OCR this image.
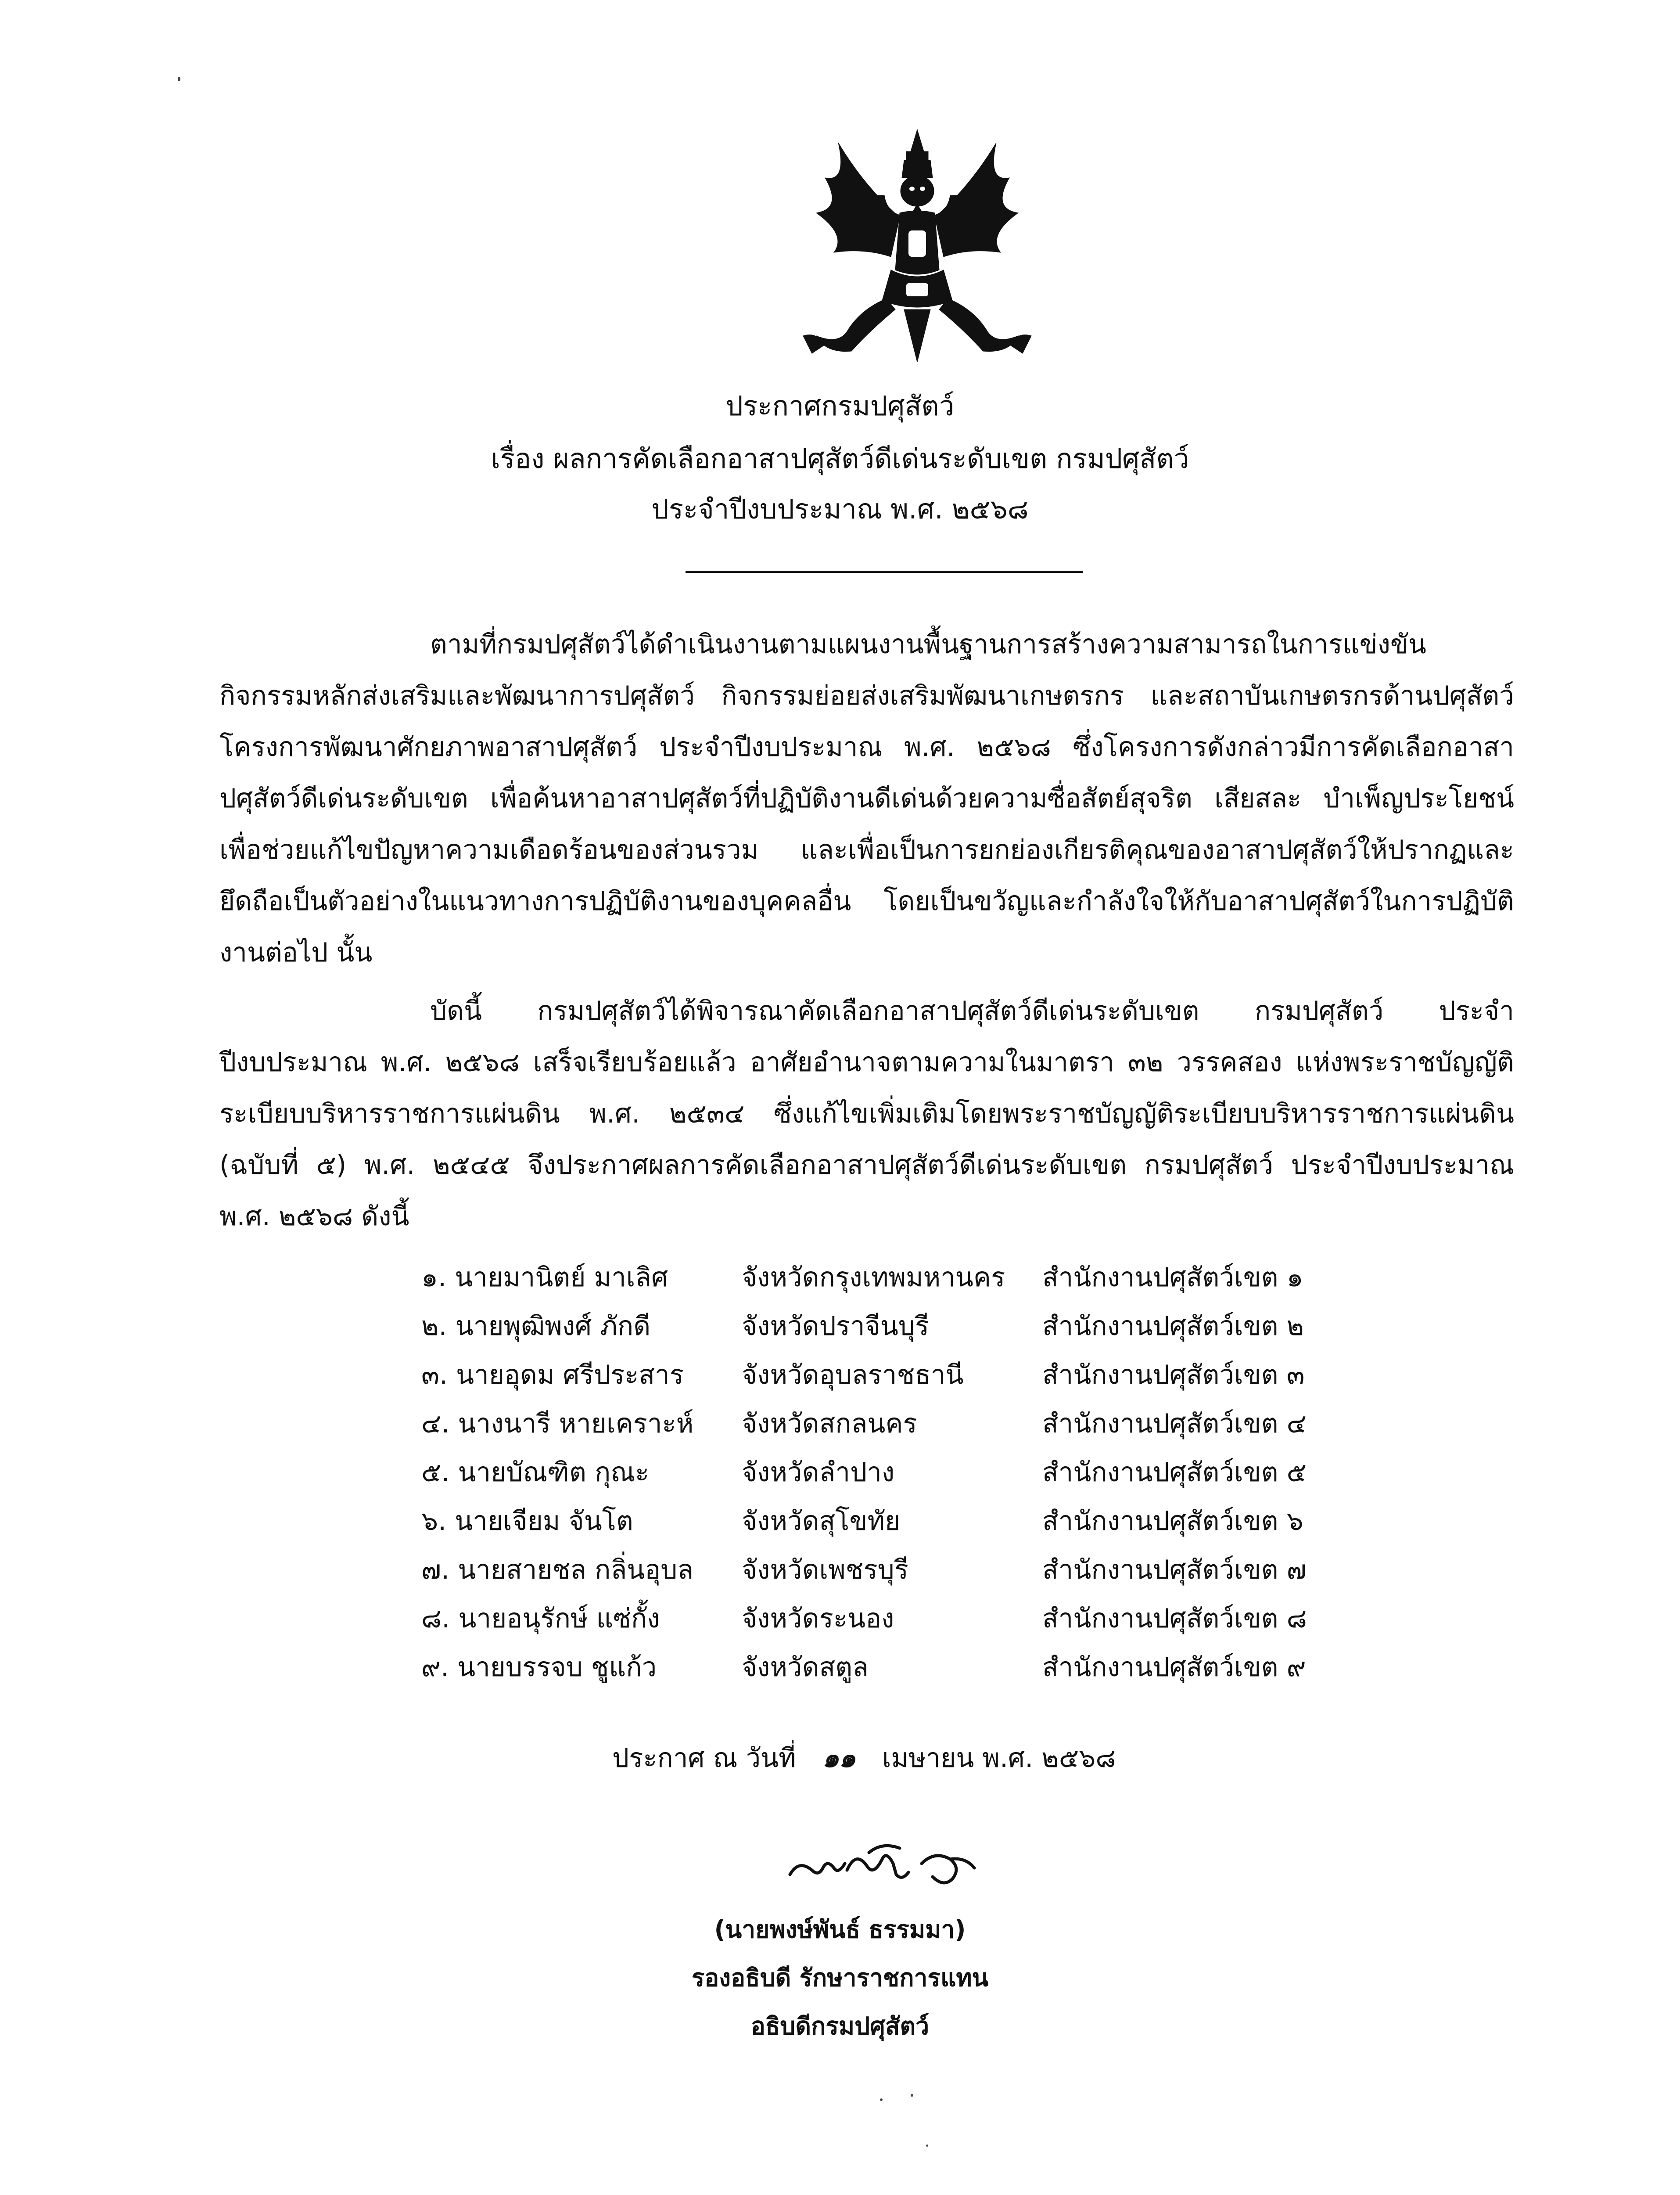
ประกาศกรมปศุสัตว์
เรื่อง ผลการคัดเลือกอาสาปศุสัตว์ดีเด่นระดับเขต กรมปศุสัตว์
ประจำปีงบประมาณ พ.ศ. ๒๕๖๘
ตามที่กรมปศุสัตว์ได้ดำเนินงานตามแผนงานพื้นฐานการสร้างความสามารถในการแข่งขัน กิจกรรมหลักส่งเสริมและพัฒนาการปศุสัตว์ กิจกรรมย่อยส่งเสริมพัฒนาเกษตรกร และสถาบันเกษตรกรด้านปศุสัตว์ โครงการพัฒนาศักยภาพอาสาปศุสัตว์ ประจำปีงบประมาณ พ.ศ. ๒๕๖๘ ซึ่งโครงการดังกล่าวมีการคัดเลือกอาสาปศุสัตว์ดีเด่นระดับเขต เพื่อค้นหาอาสาปศุสัตว์ที่ปฏิบัติงานดีเด่นด้วยความซื่อสัตย์สุจริต เสียสละ บำเพ็ญประโยชน์ เพื่อช่วยแก้ไขปัญหาความเดือดร้อนของส่วนรวม และเพื่อเป็นการยกย่องเกียรติคุณของอาสาปศุสัตว์ให้ปรากฏและยึดถือเป็นตัวอย่างในแนวทางการปฏิบัติงานของบุคคลอื่น โดยเป็นขวัญและกำลังใจให้กับอาสาปศุสัตว์ในการปฏิบัติงานต่อไป นั้น
บัดนี้ กรมปศุสัตว์ได้พิจารณาคัดเลือกอาสาปศุสัตว์ดีเด่นระดับเขต กรมปศุสัตว์ ประจำปีงบประมาณ พ.ศ. ๒๕๖๘ เสร็จเรียบร้อยแล้ว อาศัยอำนาจตามความในมาตรา ๓๒ วรรคสอง แห่งพระราชบัญญัติระเบียบบริหารราชการแผ่นดิน พ.ศ. ๒๕๓๔ ซึ่งแก้ไขเพิ่มเติมโดยพระราชบัญญัติระเบียบบริหารราชการแผ่นดิน (ฉบับที่ ๕) พ.ศ. ๒๕๔๕ จึงประกาศผลการคัดเลือกอาสาปศุสัตว์ดีเด่นระดับเขต กรมปศุสัตว์ ประจำปีงบประมาณ พ.ศ. ๒๕๖๘ ดังนี้
๑. นายมานิตย์ มาเลิศ	จังหวัดกรุงเทพมหานคร สำนักงานปศุสัตว์เขต ๑
๒. นายพุฒิพงศ์ ภักดี	จังหวัดปราจีนบุรี	สำนักงานปศุสัตว์เขต ๒
๓. นายอุดม ศรีประสาร จังหวัดอุบลราชธานี	สำนักงานปศุสัตว์เขต ๓
๔. นางนารี หายเคราะห์ จังหวัดสกลนคร	สำนักงานปศุสัตว์เขต ๔
๕. นายบัณฑิต กุณะ	จังหวัดลำปาง	สำนักงานปศุสัตว์เขต ๕
๖. นายเจียม จันโต	จังหวัดสุโขทัย	สำนักงานปศุสัตว์เขต ๖
๗. นายสายชล กลิ่นอุบล จังหวัดเพชรบุรี	สำนักงานปศุสัตว์เขต ๗
๘. นายอนุรักษ์ แซ่กั้ง	จังหวัดระนอง	สำนักงานปศุสัตว์เขต ๘
๙. นายบรรจบ ชูแก้ว	จังหวัดสตูล	สำนักงานปศุสัตว์เขต ๙
ประกาศ ณ วันที่ ๑๑ เมษายน พ.ศ. ๒๕๖๘
(นายพงษ์พันธ์ ธรรมมา)
รองอธิบดี รักษาราชการแทน
อธิบดีกรมปศุสัตว์
